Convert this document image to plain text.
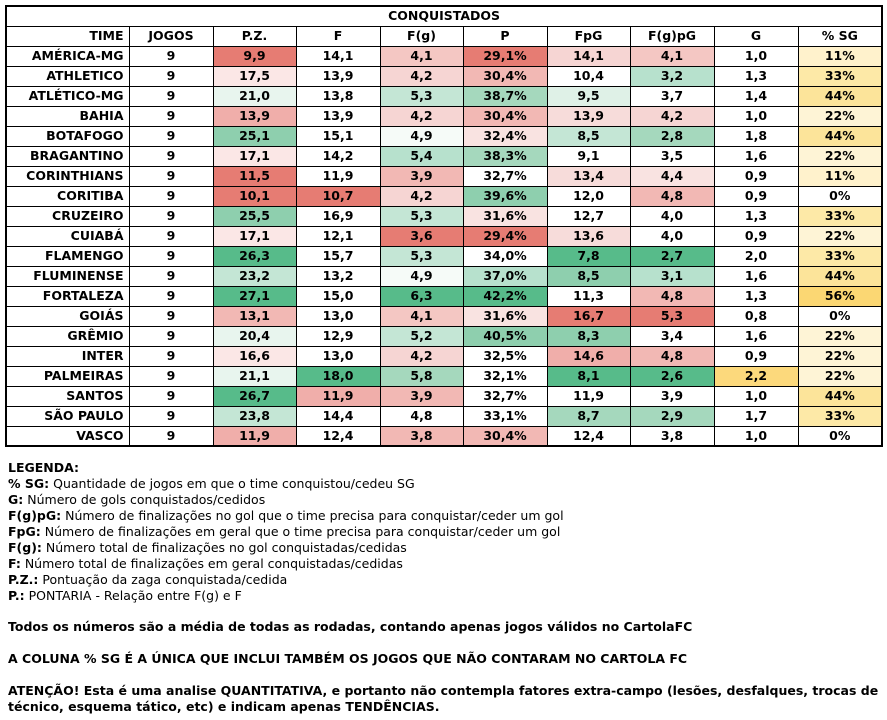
CONQUISTADOS									
TIME	JOGOS	P.Z.	F	F(g)	P	FpG	F(g)pG	G	% SG
AMÉRICA-MG	9	9,9	14,1	4,1	29,1%	14,1	4,1	1,0	11%
ATHLETICO	9	17,5	13,9	4,2	30,4%	10,4	3,2	1,3	33%
ATLÉTICO-MG	9	21,0	13,8	5,3	38,7%	9,5	3,7	1,4	44%
BAHIA	9	13,9	13,9	4,2	30,4%	13,9	4,2	1,0	22%
BOTAFOGO	9	25,1	15,1	4,9	32,4%	8,5	2,8	1,8	44%
BRAGANTINO	9	17,1	14,2	5,4	38,3%	9,1	3,5	1,6	22%
CORINTHIANS	9	11,5	11,9	3,9	32,7%	13,4	4,4	0,9	11%
CORITIBA	9	10,1	10,7	4,2	39,6%	12,0	4,8	0,9	0%
CRUZEIRO	9	25,5	16,9	5,3	31,6%	12,7	4,0	1,3	33%
CUIABÁ	9	17,1	12,1	3,6	29,4%	13,6	4,0	0,9	22%
FLAMENGO	9	26,3	15,7	5,3	34,0%	7,8	2,7	2,0	33%
FLUMINENSE	9	23,2	13,2	4,9	37,0%	8,5	3,1	1,6	44%
FORTALEZA	9	27,1	15,0	6,3	42,2%	11,3	4,8	1,3	56%
GOIÁS	9	13,1	13,0	4,1	31,6%	16,7	5,3	0,8	0%
GRÊMIO	9	20,4	12,9	5,2	40,5%	8,3	3,4	1,6	22%
INTER	9	16,6	13,0	4,2	32,5%	14,6	4,8	0,9	22%
PALMEIRAS	9	21,1	18,0	5,8	32,1%	8,1	2,6	2,2	22%
SANTOS	9	26,7	11,9	3,9	32,7%	11,9	3,9	1,0	44%
SÃO PAULO	9	23,8	14,4	4,8	33,1%	8,7	2,9	1,7	33%
VASCO	9	11,9	12,4	3,8	30,4%	12,4	3,8	1,0	0%
LEGENDA:
% SG: Quantidade de jogos em que o time conquistou/cedeu SG
G: Número de gols conquistados/cedidos
F(g)pG: Número de finalizações no gol que o time precisa para conquistar/ceder um gol
FpG: Número de finalizações em geral que o time precisa para conquistar/ceder um gol
F(g): Número total de finalizações no gol conquistadas/cedidas
F: Número total de finalizações em geral conquistadas/cedidas
P.Z.: Pontuação da zaga conquistada/cedida
P.: PONTARIA - Relação entre F(g) e F
Todos os números são a média de todas as rodadas, contando apenas jogos válidos no CartolaFC
A COLUNA % SG É A ÚNICA QUE INCLUI TAMBÉM OS JOGOS QUE NÃO CONTARAM NO CARTOLA FC
ATENÇÃO! Esta é uma analise QUANTITATIVA, e portanto não contempla fatores extra-campo (lesões, desfalques, trocas de técnico, esquema tático, etc) e indicam apenas TENDÊNCIAS.
